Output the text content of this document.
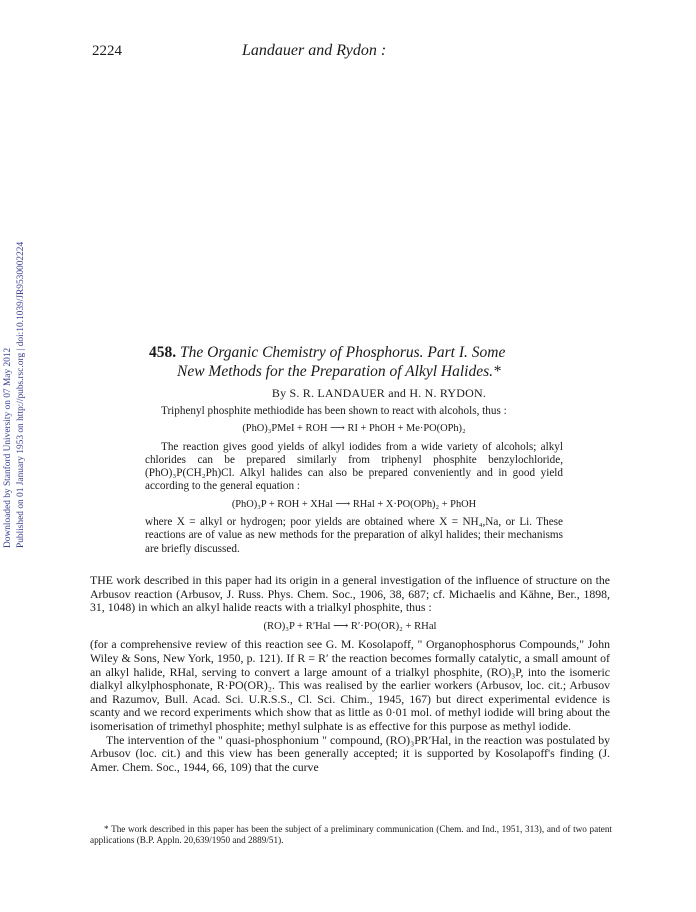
Downloaded by Stanford University on 07 May 2012 Published on 01 January 1953 on http://pubs.rsc.org | doi:10.1039/JR9530002224
2224	Landauer and Rydon :
458. The Organic Chemistry of Phosphorus. Part I. Some
New Methods for the Preparation of Alkyl Halides.*
By S. R. LANDAUER and H. N. RYDON.

Triphenyl phosphite methiodide has been shown to react with alcohols, thus :

(PhO)₃PMeI + ROH ⟶ RI + PhOH + Me·PO(OPh)₂

The reaction gives good yields of alkyl iodides from a wide variety of alcohols; alkyl chlorides can be prepared similarly from triphenyl phosphite benzylochloride, (PhO)₃P(CH₂Ph)Cl. Alkyl halides can also be prepared conveniently and in good yield according to the general equation :

(PhO)₃P + ROH + XHal ⟶ RHal + X·PO(OPh)₂ + PhOH

where X = alkyl or hydrogen; poor yields are obtained where X = NH₄,Na, or Li. These reactions are of value as new methods for the preparation of alkyl halides; their mechanisms are briefly discussed.

THE work described in this paper had its origin in a general investigation of the influence of structure on the Arbusov reaction (Arbusov, J. Russ. Phys. Chem. Soc., 1906, 38, 687; cf. Michaelis and Kähne, Ber., 1898, 31, 1048) in which an alkyl halide reacts with a trialkyl phosphite, thus :

(RO)₃P + R′Hal ⟶ R′·PO(OR)₂ + RHal

(for a comprehensive review of this reaction see G. M. Kosolapoff, " Organophosphorus Compounds," John Wiley & Sons, New York, 1950, p. 121). If R = R′ the reaction becomes formally catalytic, a small amount of an alkyl halide, RHal, serving to convert a large amount of a trialkyl phosphite, (RO)₃P, into the isomeric dialkyl alkylphosphonate, R·PO(OR)₂. This was realised by the earlier workers (Arbusov, loc. cit.; Arbusov and Razumov, Bull. Acad. Sci. U.R.S.S., Cl. Sci. Chim., 1945, 167) but direct experimental evidence is scanty and we record experiments which show that as little as 0·01 mol. of methyl iodide will bring about the isomerisation of trimethyl phosphite; methyl sulphate is as effective for this purpose as methyl iodide.

The intervention of the " quasi-phosphonium " compound, (RO)₃PR′Hal, in the reaction was postulated by Arbusov (loc. cit.) and this view has been generally accepted; it is supported by Kosolapoff's finding (J. Amer. Chem. Soc., 1944, 66, 109) that the curve

* The work described in this paper has been the subject of a preliminary communication (Chem. and Ind., 1951, 313), and of two patent applications (B.P. Appln. 20,639/1950 and 2889/51).
